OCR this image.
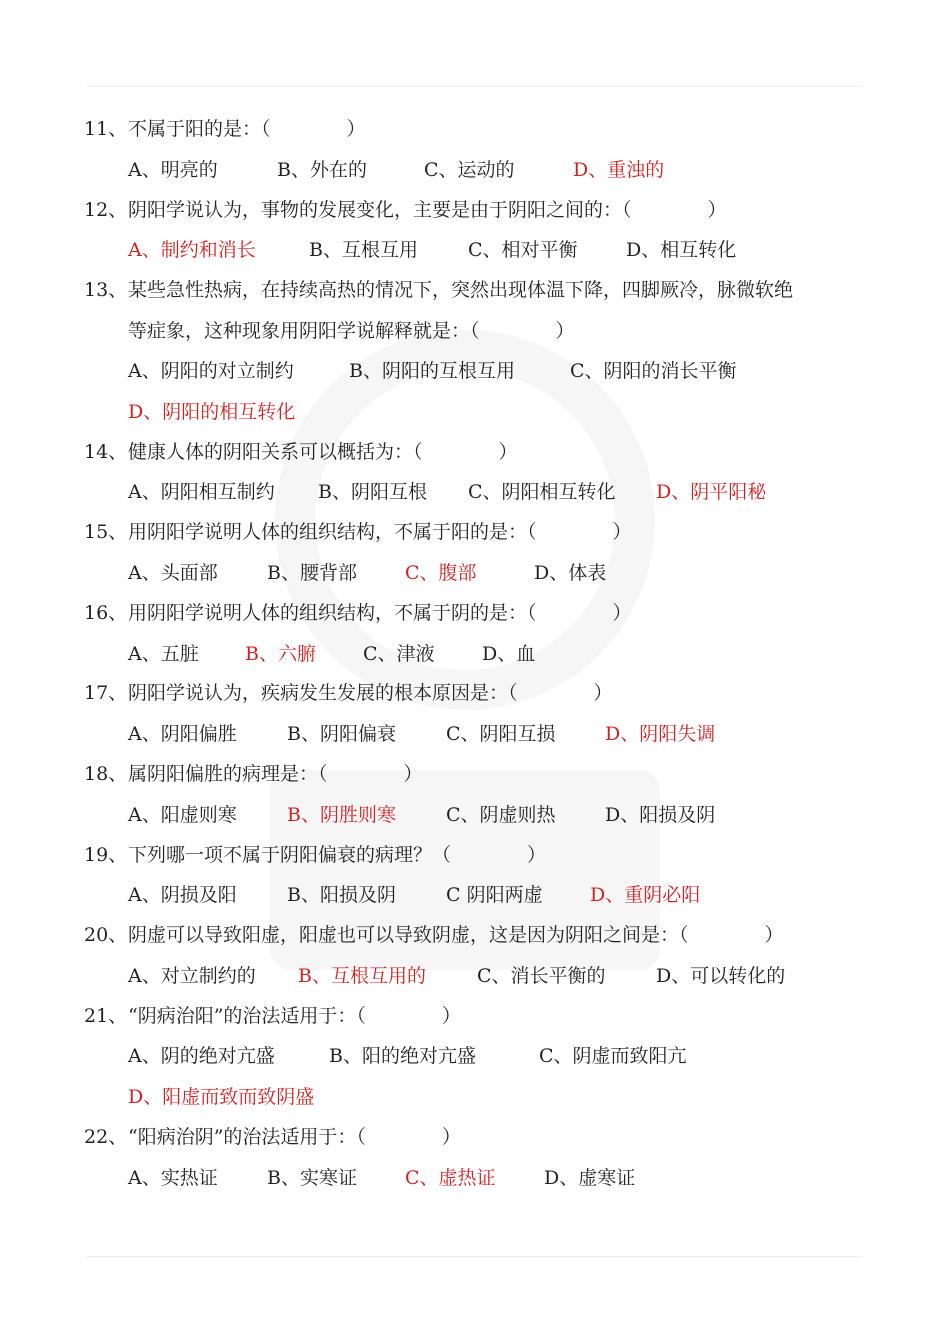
11、不属于阳的是：（　　　　）
A、明亮的	B、外在的	C、运动的	D、重浊的
12、阴阳学说认为，事物的发展变化，主要是由于阴阳之间的：（　　　　）
A、制约和消长	B、互根互用	C、相对平衡	D、相互转化
13、某些急性热病，在持续高热的情况下，突然出现体温下降，四脚厥冷，脉微软绝
等症象，这种现象用阴阳学说解释就是：（　　　　）
A、阴阳的对立制约	B、阴阳的互根互用	C、阴阳的消长平衡
D、阴阳的相互转化
14、健康人体的阴阳关系可以概括为：（　　　　）
A、阴阳相互制约 B、阴阳互根 C、阴阳相互转化 D、阴平阳秘
15、用阴阳学说明人体的组织结构，不属于阳的是：（　　　　）
A、头面部	B、腰背部	C、腹部	D、体表
16、用阴阳学说明人体的组织结构，不属于阴的是：（　　　　）
A、五脏 B、六腑 C、津液 D、血
17、阴阳学说认为，疾病发生发展的根本原因是：（　　　　）
A、阴阳偏胜	B、阴阳偏衰	C、阴阳互损	D、阴阳失调
18、属阴阳偏胜的病理是：（　　　　）
A、阳虚则寒	B、阴胜则寒	C、阴虚则热	D、阳损及阴
19、下列哪一项不属于阴阳偏衰的病理？（　　　　）
A、阴损及阳	B、阳损及阴	C 阴阳两虚 D、重阴必阳
20、阴虚可以导致阳虚，阳虚也可以导致阴虚，这是因为阴阳之间是：（　　　　）
A、对立制约的 B、互根互用的	C、消长平衡的	D、可以转化的
21、“阴病治阳”的治法适用于：（　　　　）
A、阴的绝对亢盛	B、阳的绝对亢盛	C、阴虚而致阳亢
D、阳虚而致而致阴盛
22、“阳病治阴”的治法适用于：（　　　　）
A、实热证	B、实寒证	C、虚热证	D、虚寒证
